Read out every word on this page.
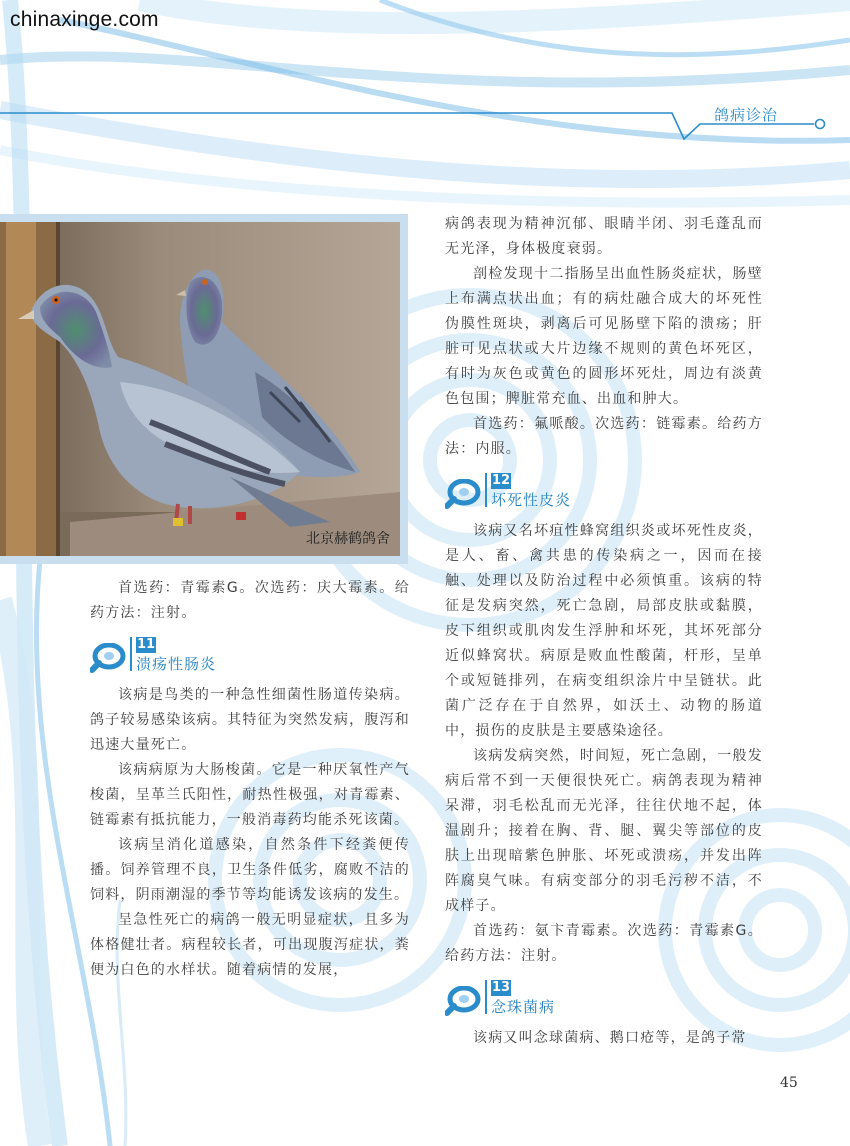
chinaxinge.com
鸽病诊治
北京赫鹤鸽舍

首选药：青霉素G。次选药：庆大霉素。给药方法：注射。

11
溃疡性肠炎

该病是鸟类的一种急性细菌性肠道传染病。鸽子较易感染该病。其特征为突然发病，腹泻和迅速大量死亡。

该病病原为大肠梭菌。它是一种厌氧性产气梭菌，呈革兰氏阳性，耐热性极强，对青霉素、链霉素有抵抗能力，一般消毒药均能杀死该菌。

该病呈消化道感染，自然条件下经粪便传播。饲养管理不良，卫生条件低劣，腐败不洁的饲料，阴雨潮湿的季节等均能诱发该病的发生。

呈急性死亡的病鸽一般无明显症状，且多为体格健壮者。病程较长者，可出现腹泻症状，粪便为白色的水样状。随着病情的发展，

病鸽表现为精神沉郁、眼睛半闭、羽毛蓬乱而无光泽，身体极度衰弱。

剖检发现十二指肠呈出血性肠炎症状，肠壁上布满点状出血；有的病灶融合成大的坏死性伪膜性斑块，剥离后可见肠壁下陷的溃疡；肝脏可见点状或大片边缘不规则的黄色坏死区，有时为灰色或黄色的圆形坏死灶，周边有淡黄色包围；脾脏常充血、出血和肿大。

首选药：氟哌酸。次选药：链霉素。给药方法：内服。

12
坏死性皮炎

该病又名坏疽性蜂窝组织炎或坏死性皮炎，是人、畜、禽共患的传染病之一，因而在接触、处理以及防治过程中必须慎重。该病的特征是发病突然，死亡急剧，局部皮肤或黏膜，皮下组织或肌肉发生浮肿和坏死，其坏死部分近似蜂窝状。病原是败血性酸菌，杆形，呈单个或短链排列，在病变组织涂片中呈链状。此菌广泛存在于自然界，如沃土、动物的肠道中，损伤的皮肤是主要感染途径。

该病发病突然，时间短，死亡急剧，一般发病后常不到一天便很快死亡。病鸽表现为精神呆滞，羽毛松乱而无光泽，往往伏地不起，体温剧升；接着在胸、背、腿、翼尖等部位的皮肤上出现暗紫色肿胀、坏死或溃疡，并发出阵阵腐臭气味。有病变部分的羽毛污秽不洁，不成样子。

首选药：氨卞青霉素。次选药：青霉素G。给药方法：注射。

13
念珠菌病

该病又叫念球菌病、鹅口疮等，是鸽子常

45
